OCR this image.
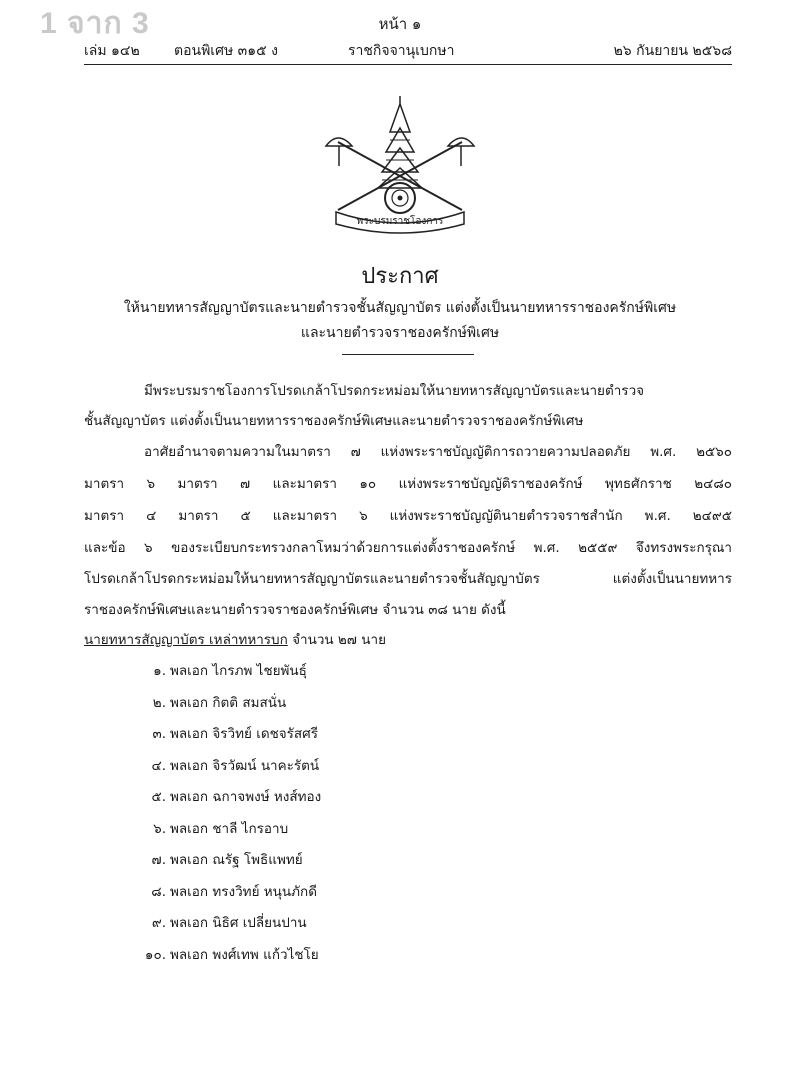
1 จาก 3	หน้า ๑
เล่ม ๑๔๒ ตอนพิเศษ ๓๑๕ ง	ราชกิจจานุเบกษา	๒๖ กันยายน ๒๕๖๘
พระบรมราชโองการ
ประกาศ
ให้นายทหารสัญญาบัตรและนายตำรวจชั้นสัญญาบัตร แต่งตั้งเป็นนายทหารราชองครักษ์พิเศษ
และนายตำรวจราชองครักษ์พิเศษ
มีพระบรมราชโองการโปรดเกล้าโปรดกระหม่อมให้นายทหารสัญญาบัตรและนายตำรวจ
ชั้นสัญญาบัตร แต่งตั้งเป็นนายทหารราชองครักษ์พิเศษและนายตำรวจราชองครักษ์พิเศษ
อาศัยอำนาจตามความในมาตรา ๗ แห่งพระราชบัญญัติการถวายความปลอดภัย พ.ศ. ๒๕๖๐
มาตรา ๖ มาตรา ๗ และมาตรา ๑๐ แห่งพระราชบัญญัติราชองครักษ์ พุทธศักราช ๒๔๘๐
มาตรา ๔ มาตรา ๕ และมาตรา ๖ แห่งพระราชบัญญัตินายตำรวจราชสำนัก พ.ศ. ๒๔๙๕
และข้อ ๖ ของระเบียบกระทรวงกลาโหมว่าด้วยการแต่งตั้งราชองครักษ์ พ.ศ. ๒๕๕๙ จึงทรงพระกรุณา
โปรดเกล้าโปรดกระหม่อมให้นายทหารสัญญาบัตรและนายตำรวจชั้นสัญญาบัตร แต่งตั้งเป็นนายทหาร
ราชองครักษ์พิเศษและนายตำรวจราชองครักษ์พิเศษ จำนวน ๓๘ นาย ดังนี้
นายทหารสัญญาบัตร เหล่าทหารบก จำนวน ๒๗ นาย
๑. พลเอก ไกรภพ ไชยพันธุ์
๒. พลเอก กิตติ สมสนั่น
๓. พลเอก จิรวิทย์ เดชจรัสศรี
๔. พลเอก จิรวัฒน์ นาคะรัตน์
๕. พลเอก ฉกาจพงษ์ หงส์ทอง
๖. พลเอก ชาลี ไกรอาบ
๗. พลเอก ณรัฐ โพธิแพทย์
๘. พลเอก ทรงวิทย์ หนุนภักดี
๙. พลเอก นิธิศ เปลี่ยนปาน
๑๐. พลเอก พงศ์เทพ แก้วไชโย
